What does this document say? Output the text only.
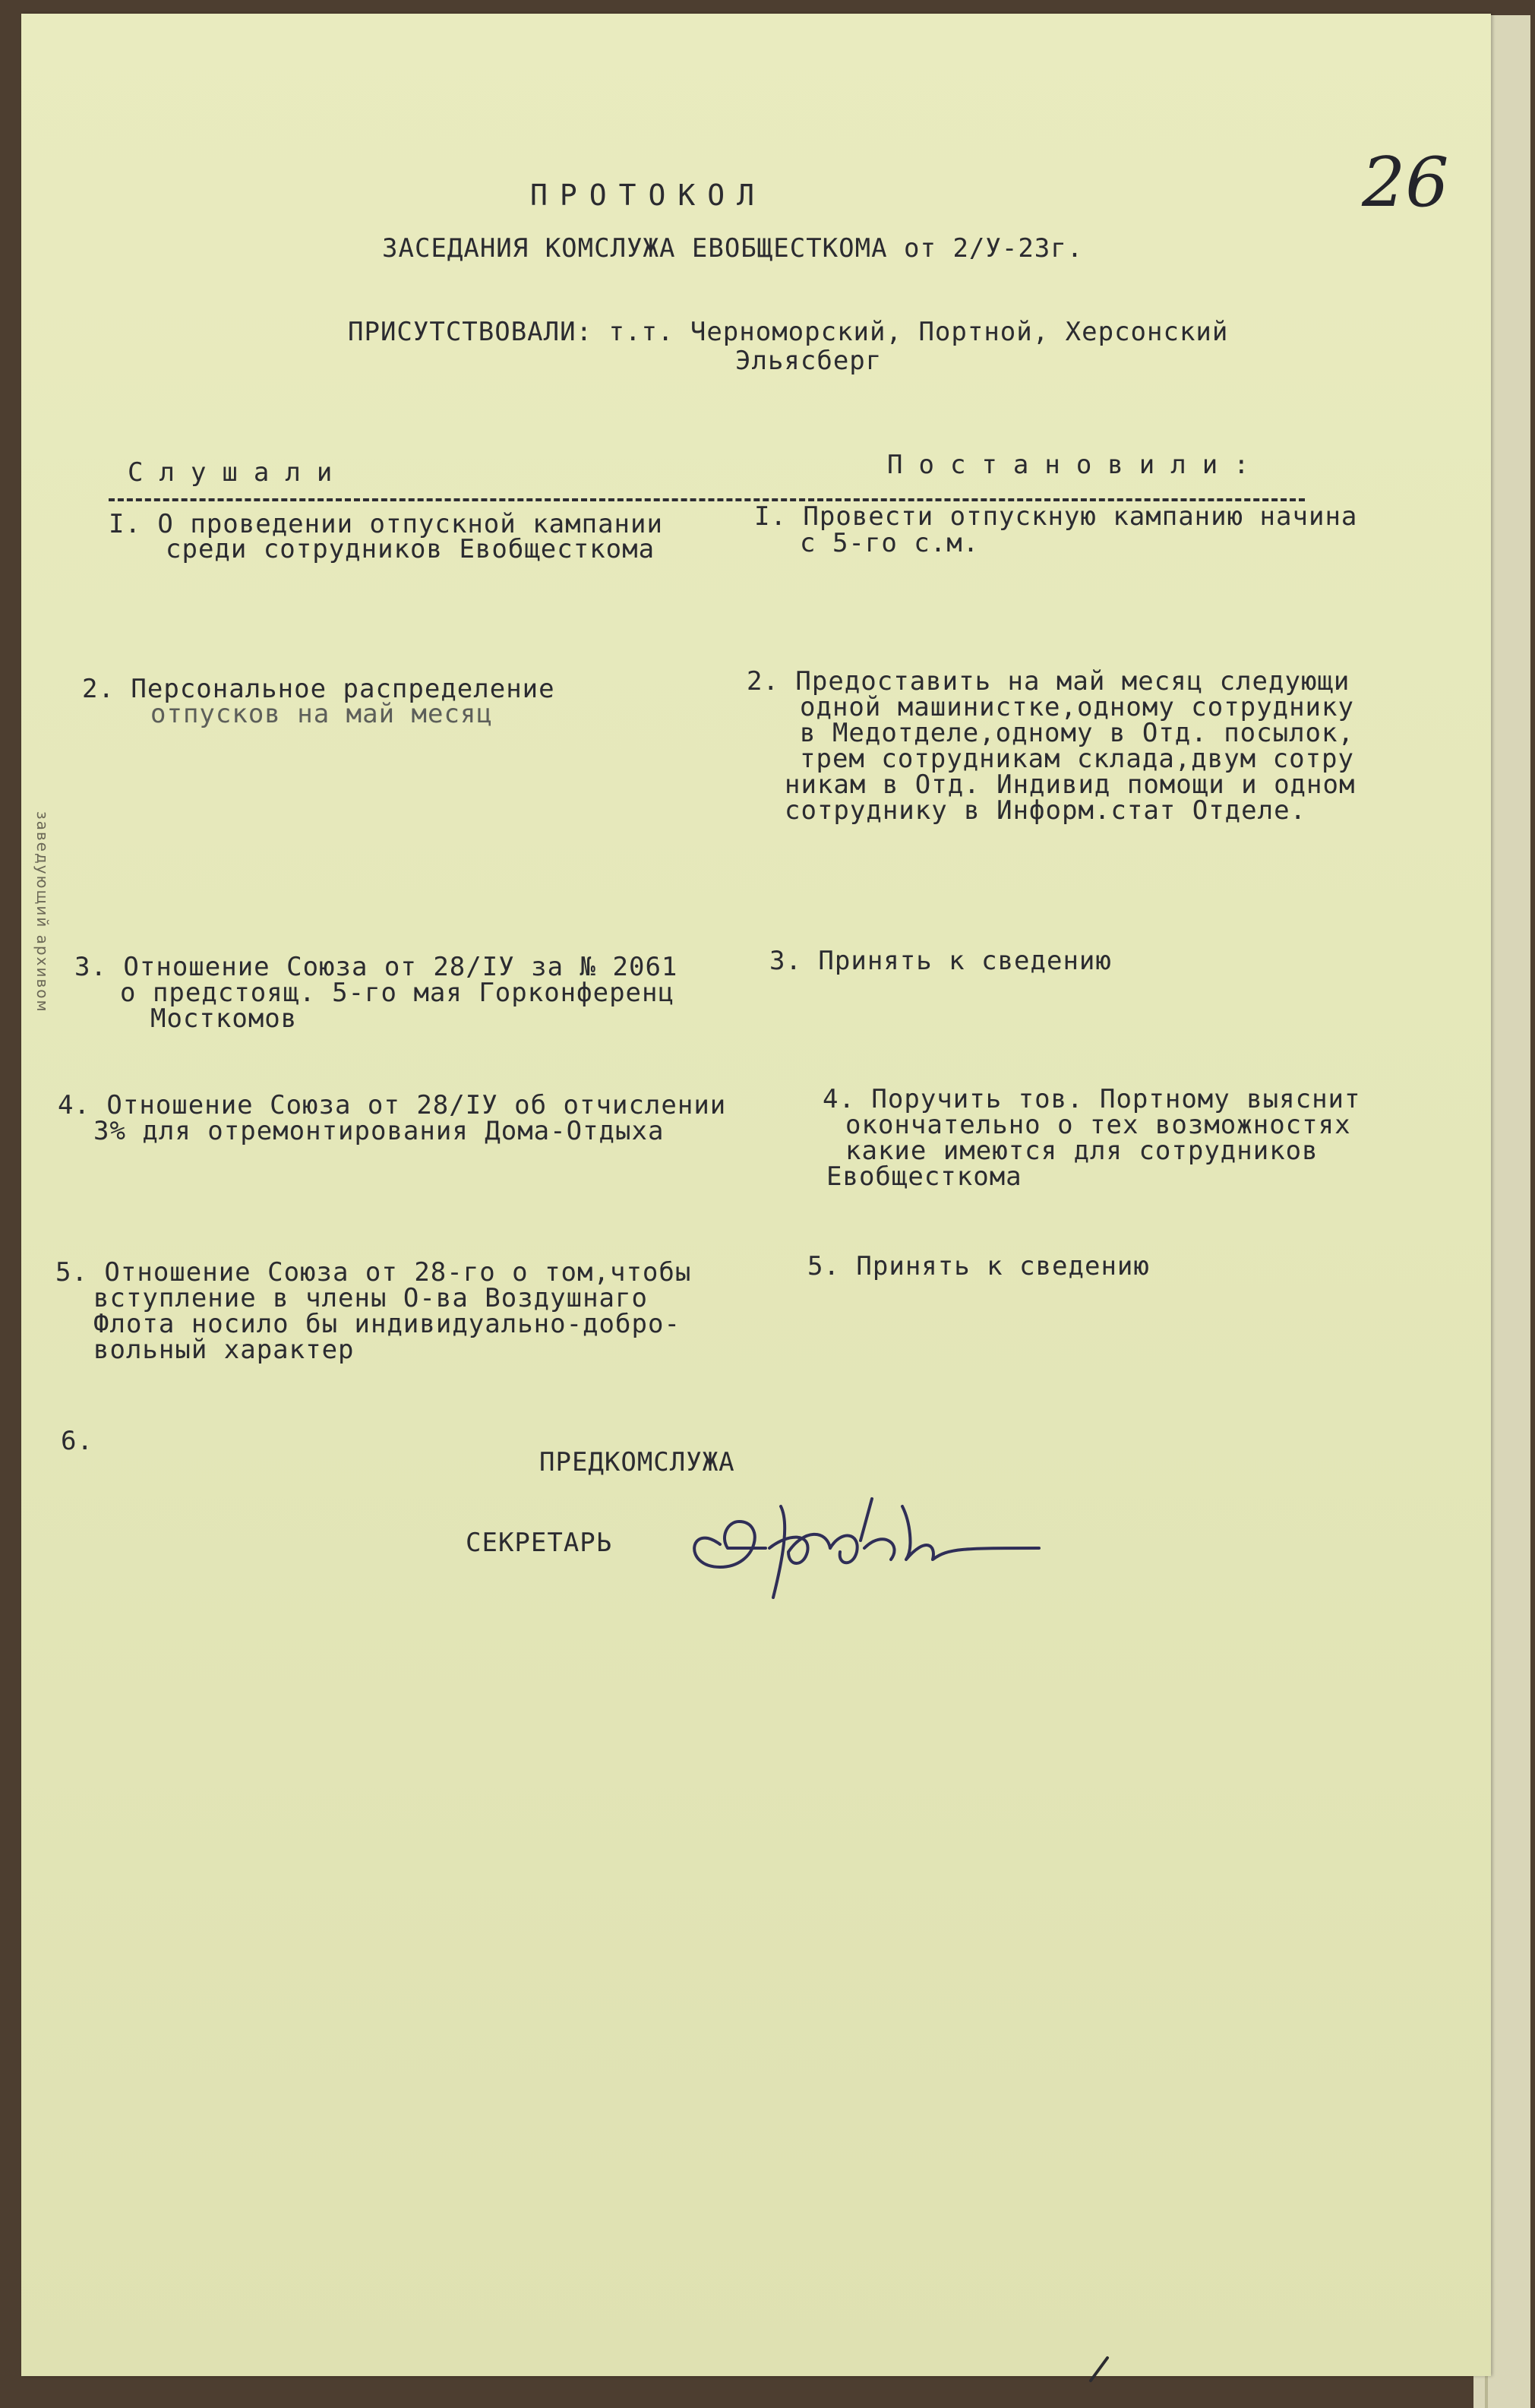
заведующий архивом
26
ПРОТОКОЛ
ЗАСЕДАНИЯ КОМСЛУЖА ЕВОБЩЕСТКОМА от 2/У-23г.
ПРИСУТСТВОВАЛИ: т.т. Черноморский, Портной, Херсонский
Эльясберг
Слушали	Постановили:
I. О проведении отпускной кампании
среди сотрудников Евобщесткома
I. Провести отпускную кампанию начина
с 5-го с.м.
2. Персональное распределение
отпусков на май месяц
2. Предоставить на май месяц следующи
одной машинистке,одному сотруднику
в Медотделе,одному в Отд. посылок,
трем сотрудникам склада,двум сотру
никам в Отд. Индивид помощи и одном
сотруднику в Информ.стат Отделе.
3. Отношение Союза от 28/IУ за № 2061
о предстоящ. 5-го мая Горконференц
Мосткомов
3. Принять к сведению
4. Отношение Союза от 28/IУ об отчислении
3% для отремонтирования Дома-Отдыха
4. Поручить тов. Портному выяснит
окончательно о тех возможностях
какие имеются для сотрудников
Евобщесткома
5. Отношение Союза от 28-го о том,чтобы
вступление в члены О-ва Воздушнаго
Флота носило бы индивидуально-добро-
вольный характер
5. Принять к сведению
6.
ПРЕДКОМСЛУЖА
СЕКРЕТАРЬ
